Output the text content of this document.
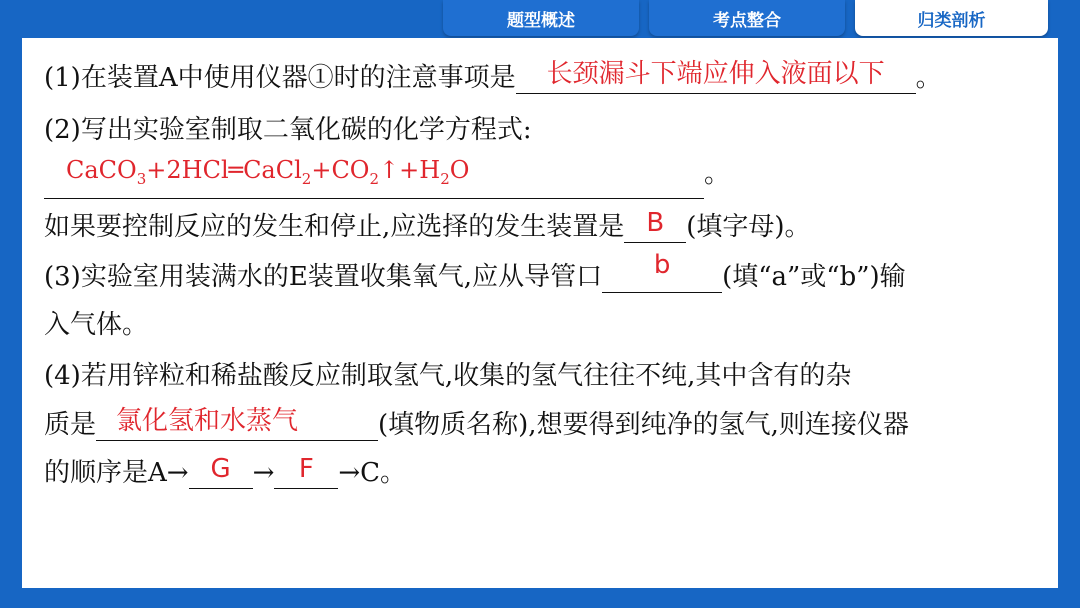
题型概述	考点整合	归类剖析
(1)在装置A中使用仪器①时的注意事项是 长颈漏斗下端应伸入液面以下 。
(2)写出实验室制取二氧化碳的化学方程式:
$CaCO_3+2HCl═CaCl_2+CO_2↑+H_2O$	。
如果要控制反应的发生和停止,应选择的发生装置是 B (填字母)。
(3)实验室用装满水的E装置收集氧气,应从导管口 b (填“a”或“b”)输
入气体。
(4)若用锌粒和稀盐酸反应制取氢气,收集的氢气往往不纯,其中含有的杂
质是 氯化氢和水蒸气	(填物质名称),想要得到纯净的氢气,则连接仪器
的顺序是A→ G → F →C。
